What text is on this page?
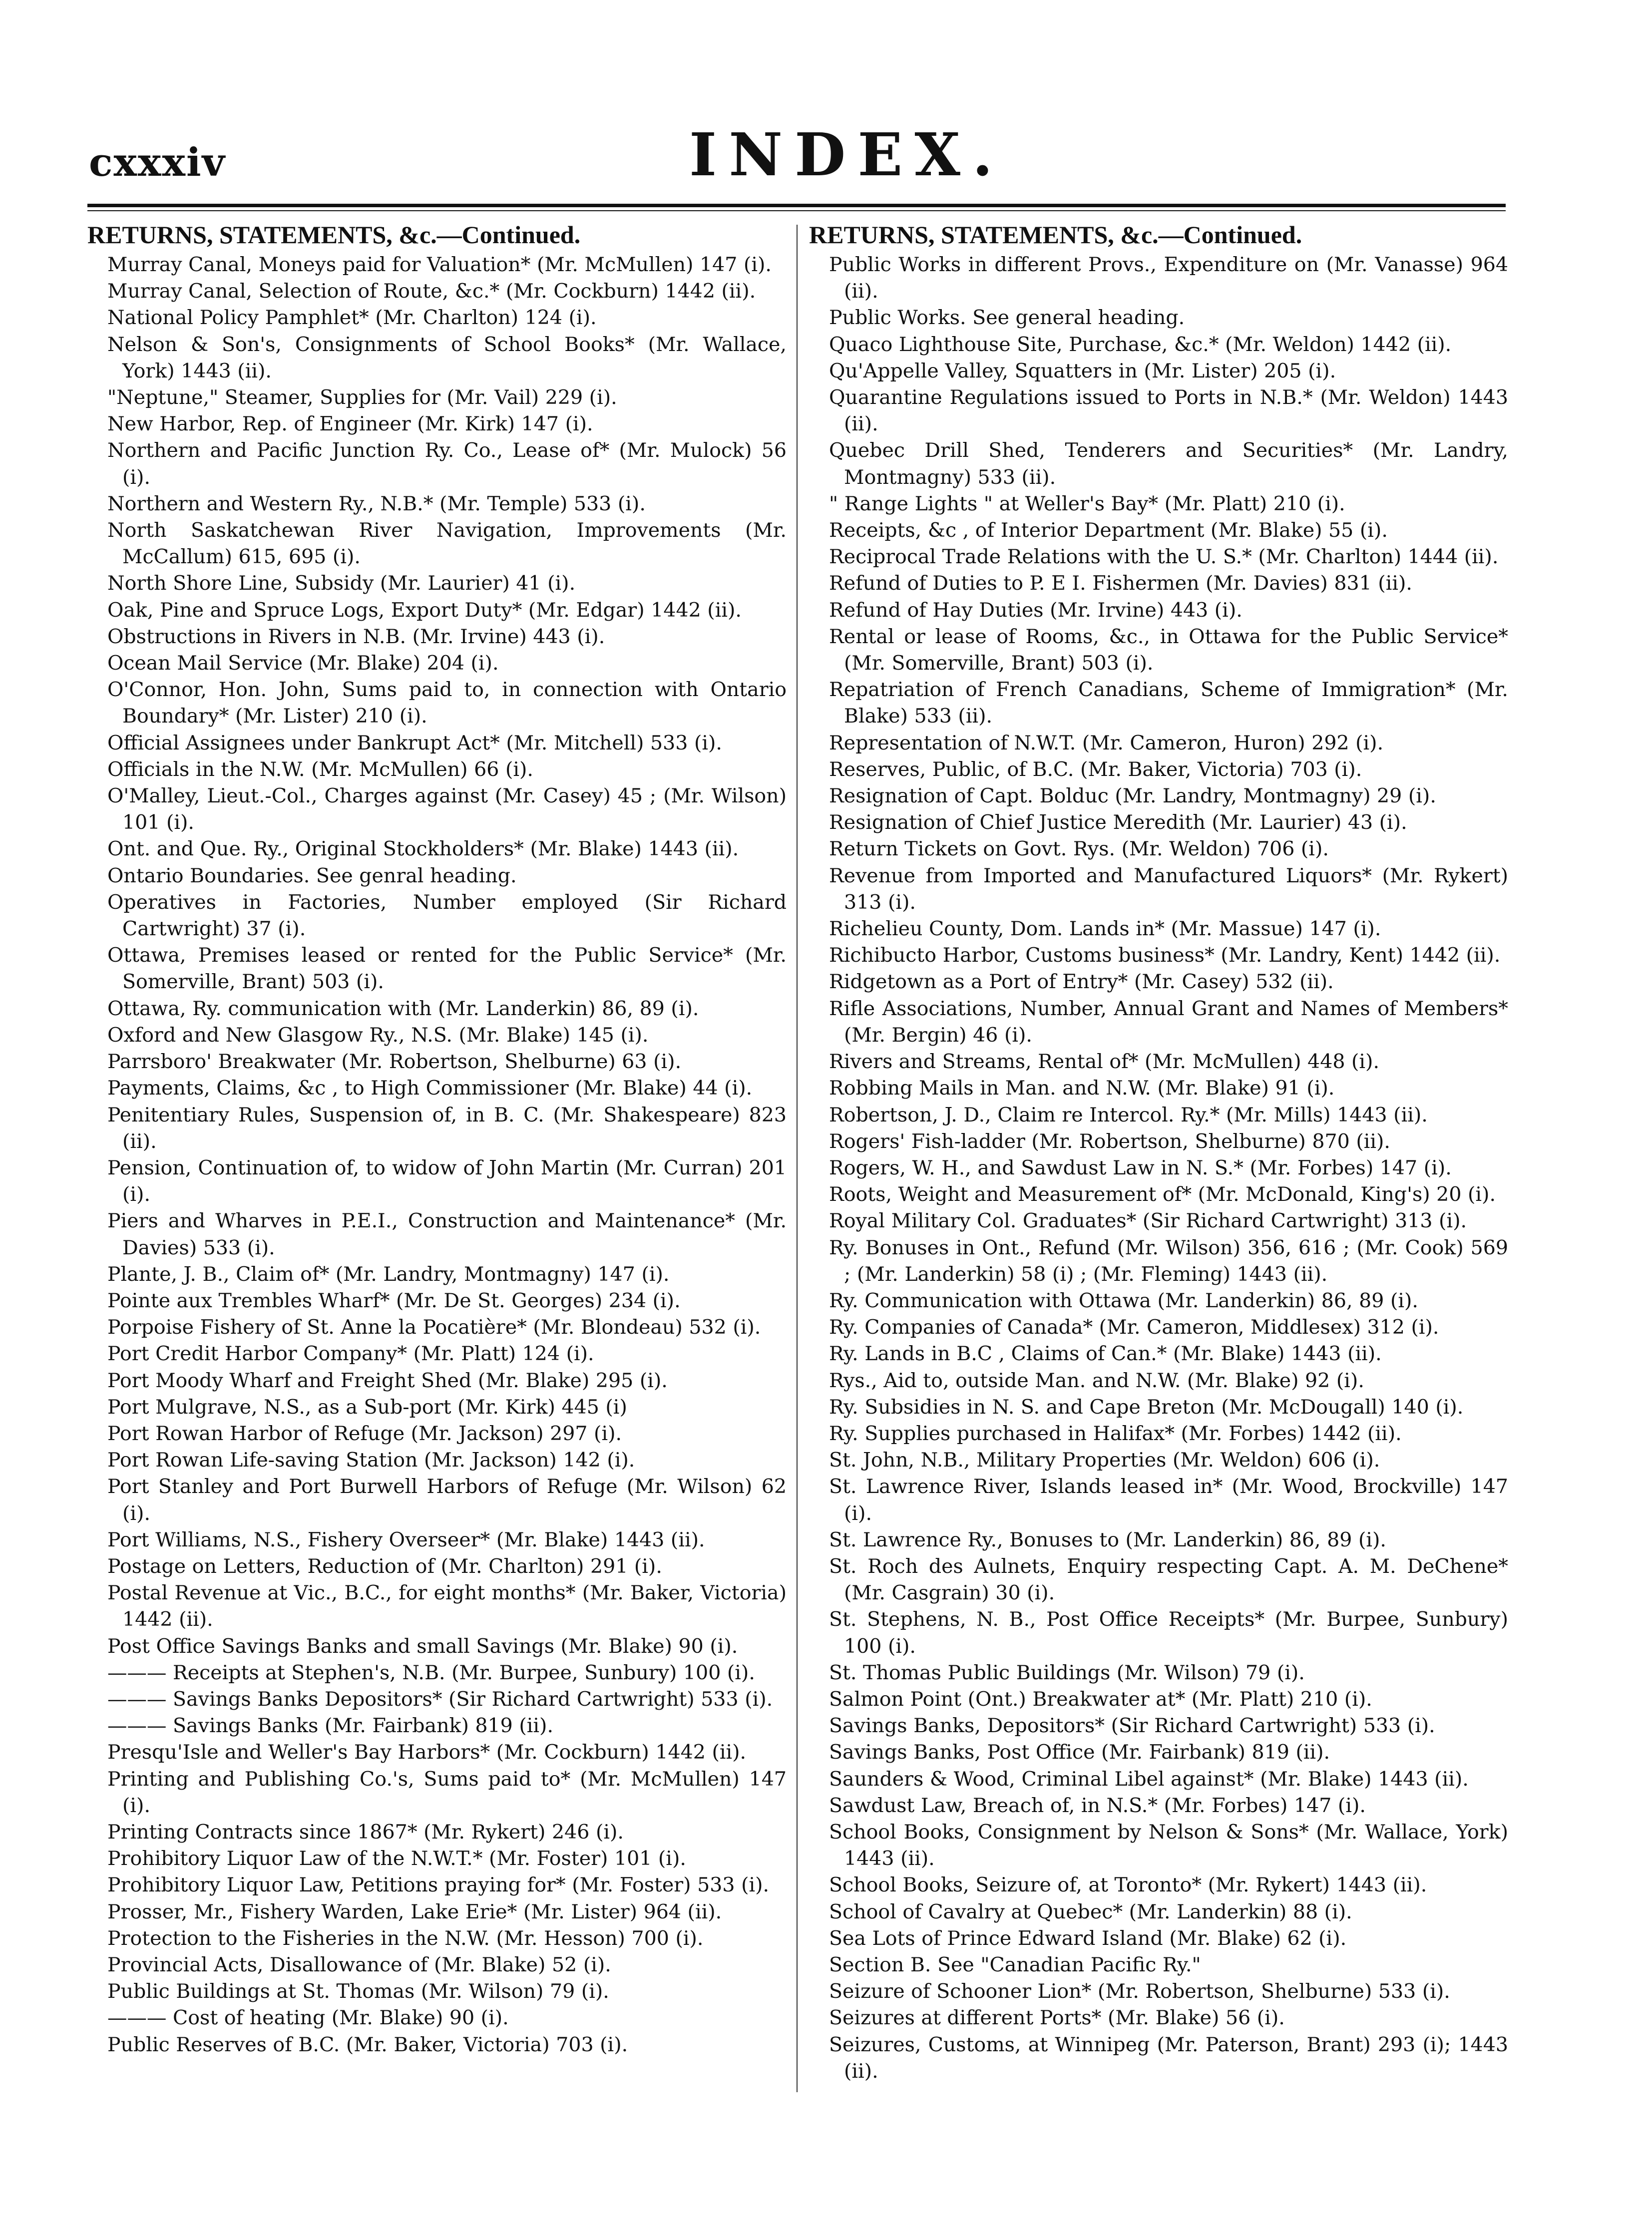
cxxxiv	INDEX.
RETURNS, STATEMENTS, &c.—Continued.
Murray Canal, Moneys paid for Valuation* (Mr. McMullen) 147 (i).
Murray Canal, Selection of Route, &c.* (Mr. Cockburn) 1442 (ii).
National Policy Pamphlet* (Mr. Charlton) 124 (i).
Nelson & Son's, Consignments of School Books* (Mr. Wallace, York) 1443 (ii).
"Neptune," Steamer, Supplies for (Mr. Vail) 229 (i).
New Harbor, Rep. of Engineer (Mr. Kirk) 147 (i).
Northern and Pacific Junction Ry. Co., Lease of* (Mr. Mulock) 56 (i).
Northern and Western Ry., N.B.* (Mr. Temple) 533 (i).
North Saskatchewan River Navigation, Improvements (Mr. McCallum) 615, 695 (i).
North Shore Line, Subsidy (Mr. Laurier) 41 (i).
Oak, Pine and Spruce Logs, Export Duty* (Mr. Edgar) 1442 (ii).
Obstructions in Rivers in N.B. (Mr. Irvine) 443 (i).
Ocean Mail Service (Mr. Blake) 204 (i).
O'Connor, Hon. John, Sums paid to, in connection with Ontario Boundary* (Mr. Lister) 210 (i).
Official Assignees under Bankrupt Act* (Mr. Mitchell) 533 (i).
Officials in the N.W. (Mr. McMullen) 66 (i).
O'Malley, Lieut.-Col., Charges against (Mr. Casey) 45 ; (Mr. Wilson) 101 (i).
Ont. and Que. Ry., Original Stockholders* (Mr. Blake) 1443 (ii).
Ontario Boundaries. See genral heading.
Operatives in Factories, Number employed (Sir Richard Cartwright) 37 (i).
Ottawa, Premises leased or rented for the Public Service* (Mr. Somerville, Brant) 503 (i).
Ottawa, Ry. communication with (Mr. Landerkin) 86, 89 (i).
Oxford and New Glasgow Ry., N.S. (Mr. Blake) 145 (i).
Parrsboro' Breakwater (Mr. Robertson, Shelburne) 63 (i).
Payments, Claims, &c , to High Commissioner (Mr. Blake) 44 (i).
Penitentiary Rules, Suspension of, in B. C. (Mr. Shakespeare) 823 (ii).
Pension, Continuation of, to widow of John Martin (Mr. Curran) 201 (i).
Piers and Wharves in P.E.I., Construction and Maintenance* (Mr. Davies) 533 (i).
Plante, J. B., Claim of* (Mr. Landry, Montmagny) 147 (i).
Pointe aux Trembles Wharf* (Mr. De St. Georges) 234 (i).
Porpoise Fishery of St. Anne la Pocatière* (Mr. Blondeau) 532 (i).
Port Credit Harbor Company* (Mr. Platt) 124 (i).
Port Moody Wharf and Freight Shed (Mr. Blake) 295 (i).
Port Mulgrave, N.S., as a Sub-port (Mr. Kirk) 445 (i)
Port Rowan Harbor of Refuge (Mr. Jackson) 297 (i).
Port Rowan Life-saving Station (Mr. Jackson) 142 (i).
Port Stanley and Port Burwell Harbors of Refuge (Mr. Wilson) 62 (i).
Port Williams, N.S., Fishery Overseer* (Mr. Blake) 1443 (ii).
Postage on Letters, Reduction of (Mr. Charlton) 291 (i).
Postal Revenue at Vic., B.C., for eight months* (Mr. Baker, Victoria) 1442 (ii).
Post Office Savings Banks and small Savings (Mr. Blake) 90 (i).
——— Receipts at Stephen's, N.B. (Mr. Burpee, Sunbury) 100 (i).
——— Savings Banks Depositors* (Sir Richard Cartwright) 533 (i).
——— Savings Banks (Mr. Fairbank) 819 (ii).
Presqu'Isle and Weller's Bay Harbors* (Mr. Cockburn) 1442 (ii).
Printing and Publishing Co.'s, Sums paid to* (Mr. McMullen) 147 (i).
Printing Contracts since 1867* (Mr. Rykert) 246 (i).
Prohibitory Liquor Law of the N.W.T.* (Mr. Foster) 101 (i).
Prohibitory Liquor Law, Petitions praying for* (Mr. Foster) 533 (i).
Prosser, Mr., Fishery Warden, Lake Erie* (Mr. Lister) 964 (ii).
Protection to the Fisheries in the N.W. (Mr. Hesson) 700 (i).
Provincial Acts, Disallowance of (Mr. Blake) 52 (i).
Public Buildings at St. Thomas (Mr. Wilson) 79 (i).
——— Cost of heating (Mr. Blake) 90 (i).
Public Reserves of B.C. (Mr. Baker, Victoria) 703 (i).
RETURNS, STATEMENTS, &c.—Continued.
Public Works in different Provs., Expenditure on (Mr. Vanasse) 964 (ii).
Public Works. See general heading.
Quaco Lighthouse Site, Purchase, &c.* (Mr. Weldon) 1442 (ii).
Qu'Appelle Valley, Squatters in (Mr. Lister) 205 (i).
Quarantine Regulations issued to Ports in N.B.* (Mr. Weldon) 1443 (ii).
Quebec Drill Shed, Tenderers and Securities* (Mr. Landry, Montmagny) 533 (ii).
" Range Lights " at Weller's Bay* (Mr. Platt) 210 (i).
Receipts, &c , of Interior Department (Mr. Blake) 55 (i).
Reciprocal Trade Relations with the U. S.* (Mr. Charlton) 1444 (ii).
Refund of Duties to P. E I. Fishermen (Mr. Davies) 831 (ii).
Refund of Hay Duties (Mr. Irvine) 443 (i).
Rental or lease of Rooms, &c., in Ottawa for the Public Service* (Mr. Somerville, Brant) 503 (i).
Repatriation of French Canadians, Scheme of Immigration* (Mr. Blake) 533 (ii).
Representation of N.W.T. (Mr. Cameron, Huron) 292 (i).
Reserves, Public, of B.C. (Mr. Baker, Victoria) 703 (i).
Resignation of Capt. Bolduc (Mr. Landry, Montmagny) 29 (i).
Resignation of Chief Justice Meredith (Mr. Laurier) 43 (i).
Return Tickets on Govt. Rys. (Mr. Weldon) 706 (i).
Revenue from Imported and Manufactured Liquors* (Mr. Rykert) 313 (i).
Richelieu County, Dom. Lands in* (Mr. Massue) 147 (i).
Richibucto Harbor, Customs business* (Mr. Landry, Kent) 1442 (ii).
Ridgetown as a Port of Entry* (Mr. Casey) 532 (ii).
Rifle Associations, Number, Annual Grant and Names of Members* (Mr. Bergin) 46 (i).
Rivers and Streams, Rental of* (Mr. McMullen) 448 (i).
Robbing Mails in Man. and N.W. (Mr. Blake) 91 (i).
Robertson, J. D., Claim re Intercol. Ry.* (Mr. Mills) 1443 (ii).
Rogers' Fish-ladder (Mr. Robertson, Shelburne) 870 (ii).
Rogers, W. H., and Sawdust Law in N. S.* (Mr. Forbes) 147 (i).
Roots, Weight and Measurement of* (Mr. McDonald, King's) 20 (i).
Royal Military Col. Graduates* (Sir Richard Cartwright) 313 (i).
Ry. Bonuses in Ont., Refund (Mr. Wilson) 356, 616 ; (Mr. Cook) 569 ; (Mr. Landerkin) 58 (i) ; (Mr. Fleming) 1443 (ii).
Ry. Communication with Ottawa (Mr. Landerkin) 86, 89 (i).
Ry. Companies of Canada* (Mr. Cameron, Middlesex) 312 (i).
Ry. Lands in B.C , Claims of Can.* (Mr. Blake) 1443 (ii).
Rys., Aid to, outside Man. and N.W. (Mr. Blake) 92 (i).
Ry. Subsidies in N. S. and Cape Breton (Mr. McDougall) 140 (i).
Ry. Supplies purchased in Halifax* (Mr. Forbes) 1442 (ii).
St. John, N.B., Military Properties (Mr. Weldon) 606 (i).
St. Lawrence River, Islands leased in* (Mr. Wood, Brockville) 147 (i).
St. Lawrence Ry., Bonuses to (Mr. Landerkin) 86, 89 (i).
St. Roch des Aulnets, Enquiry respecting Capt. A. M. DeChene* (Mr. Casgrain) 30 (i).
St. Stephens, N. B., Post Office Receipts* (Mr. Burpee, Sunbury) 100 (i).
St. Thomas Public Buildings (Mr. Wilson) 79 (i).
Salmon Point (Ont.) Breakwater at* (Mr. Platt) 210 (i).
Savings Banks, Depositors* (Sir Richard Cartwright) 533 (i).
Savings Banks, Post Office (Mr. Fairbank) 819 (ii).
Saunders & Wood, Criminal Libel against* (Mr. Blake) 1443 (ii).
Sawdust Law, Breach of, in N.S.* (Mr. Forbes) 147 (i).
School Books, Consignment by Nelson & Sons* (Mr. Wallace, York) 1443 (ii).
School Books, Seizure of, at Toronto* (Mr. Rykert) 1443 (ii).
School of Cavalry at Quebec* (Mr. Landerkin) 88 (i).
Sea Lots of Prince Edward Island (Mr. Blake) 62 (i).
Section B. See "Canadian Pacific Ry."
Seizure of Schooner Lion* (Mr. Robertson, Shelburne) 533 (i).
Seizures at different Ports* (Mr. Blake) 56 (i).
Seizures, Customs, at Winnipeg (Mr. Paterson, Brant) 293 (i); 1443 (ii).
